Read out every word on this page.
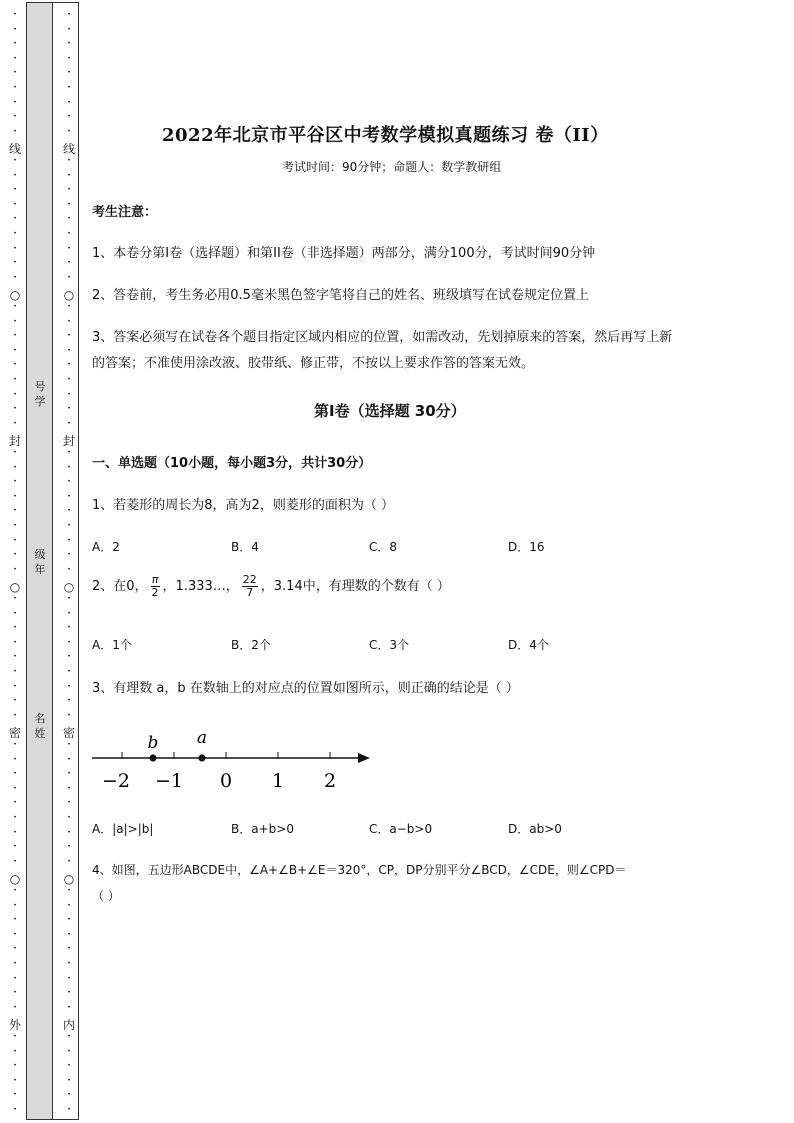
•
•
•
•
•
•
•
•
•
线
•
•
•
•
•
•
•
•
•
○
•
•
•
•
•
•
•
•
•
封
•
•
•
•
•
•
•
•
•
○
•
•
•
•
•
•
•
•
•
密
•
•
•
•
•
•
•
•
•
○
•
•
•
•
•
•
•
•
•
外
•
•
•
•
•
•
号
学
级
年
名
姓
•
•
•
•
•
•
•
•
•
线
•
•
•
•
•
•
•
•
•
○
•
•
•
•
•
•
•
•
•
封
•
•
•
•
•
•
•
•
•
○
•
•
•
•
•
•
•
•
•
密
•
•
•
•
•
•
•
•
•
○
•
•
•
•
•
•
•
•
•
内
•
•
•
•
•
•
2022年北京市平谷区中考数学模拟真题练习 卷（II）
考试时间：90分钟；命题人：数学教研组
考生注意：
1、本卷分第I卷（选择题）和第II卷（非选择题）两部分，满分100分，考试时间90分钟
2、答卷前，考生务必用0.5毫米黑色签字笔将自己的姓名、班级填写在试卷规定位置上
3、答案必须写在试卷各个题目指定区域内相应的位置，如需改动，先划掉原来的答案，然后再写上新
的答案；不准使用涂改液、胶带纸、修正带，不按以上要求作答的答案无效。
第I卷（选择题 30分）
一、单选题（10小题，每小题3分，共计30分）
1、若菱形的周长为8，高为2，则菱形的面积为（ ）
A．2	B．4	C．8	D．16
2、在0， $\frac{\pi}{2}$ ，1.333…， $\frac{22}{7}$ ，3.14中，有理数的个数有（ ）
A．1个	B．2个	C．3个	D．4个
3、有理数 a，b 在数轴上的对应点的位置如图所示，则正确的结论是（ ）
b a
−2 −1 0 1 2
A．|a|>|b|	B．a+b>0	C．a−b>0	D．ab>0
4、如图，五边形ABCDE中，∠A+∠B+∠E＝320°，CP，DP分别平分∠BCD，∠CDE，则∠CPD＝
（ ）
